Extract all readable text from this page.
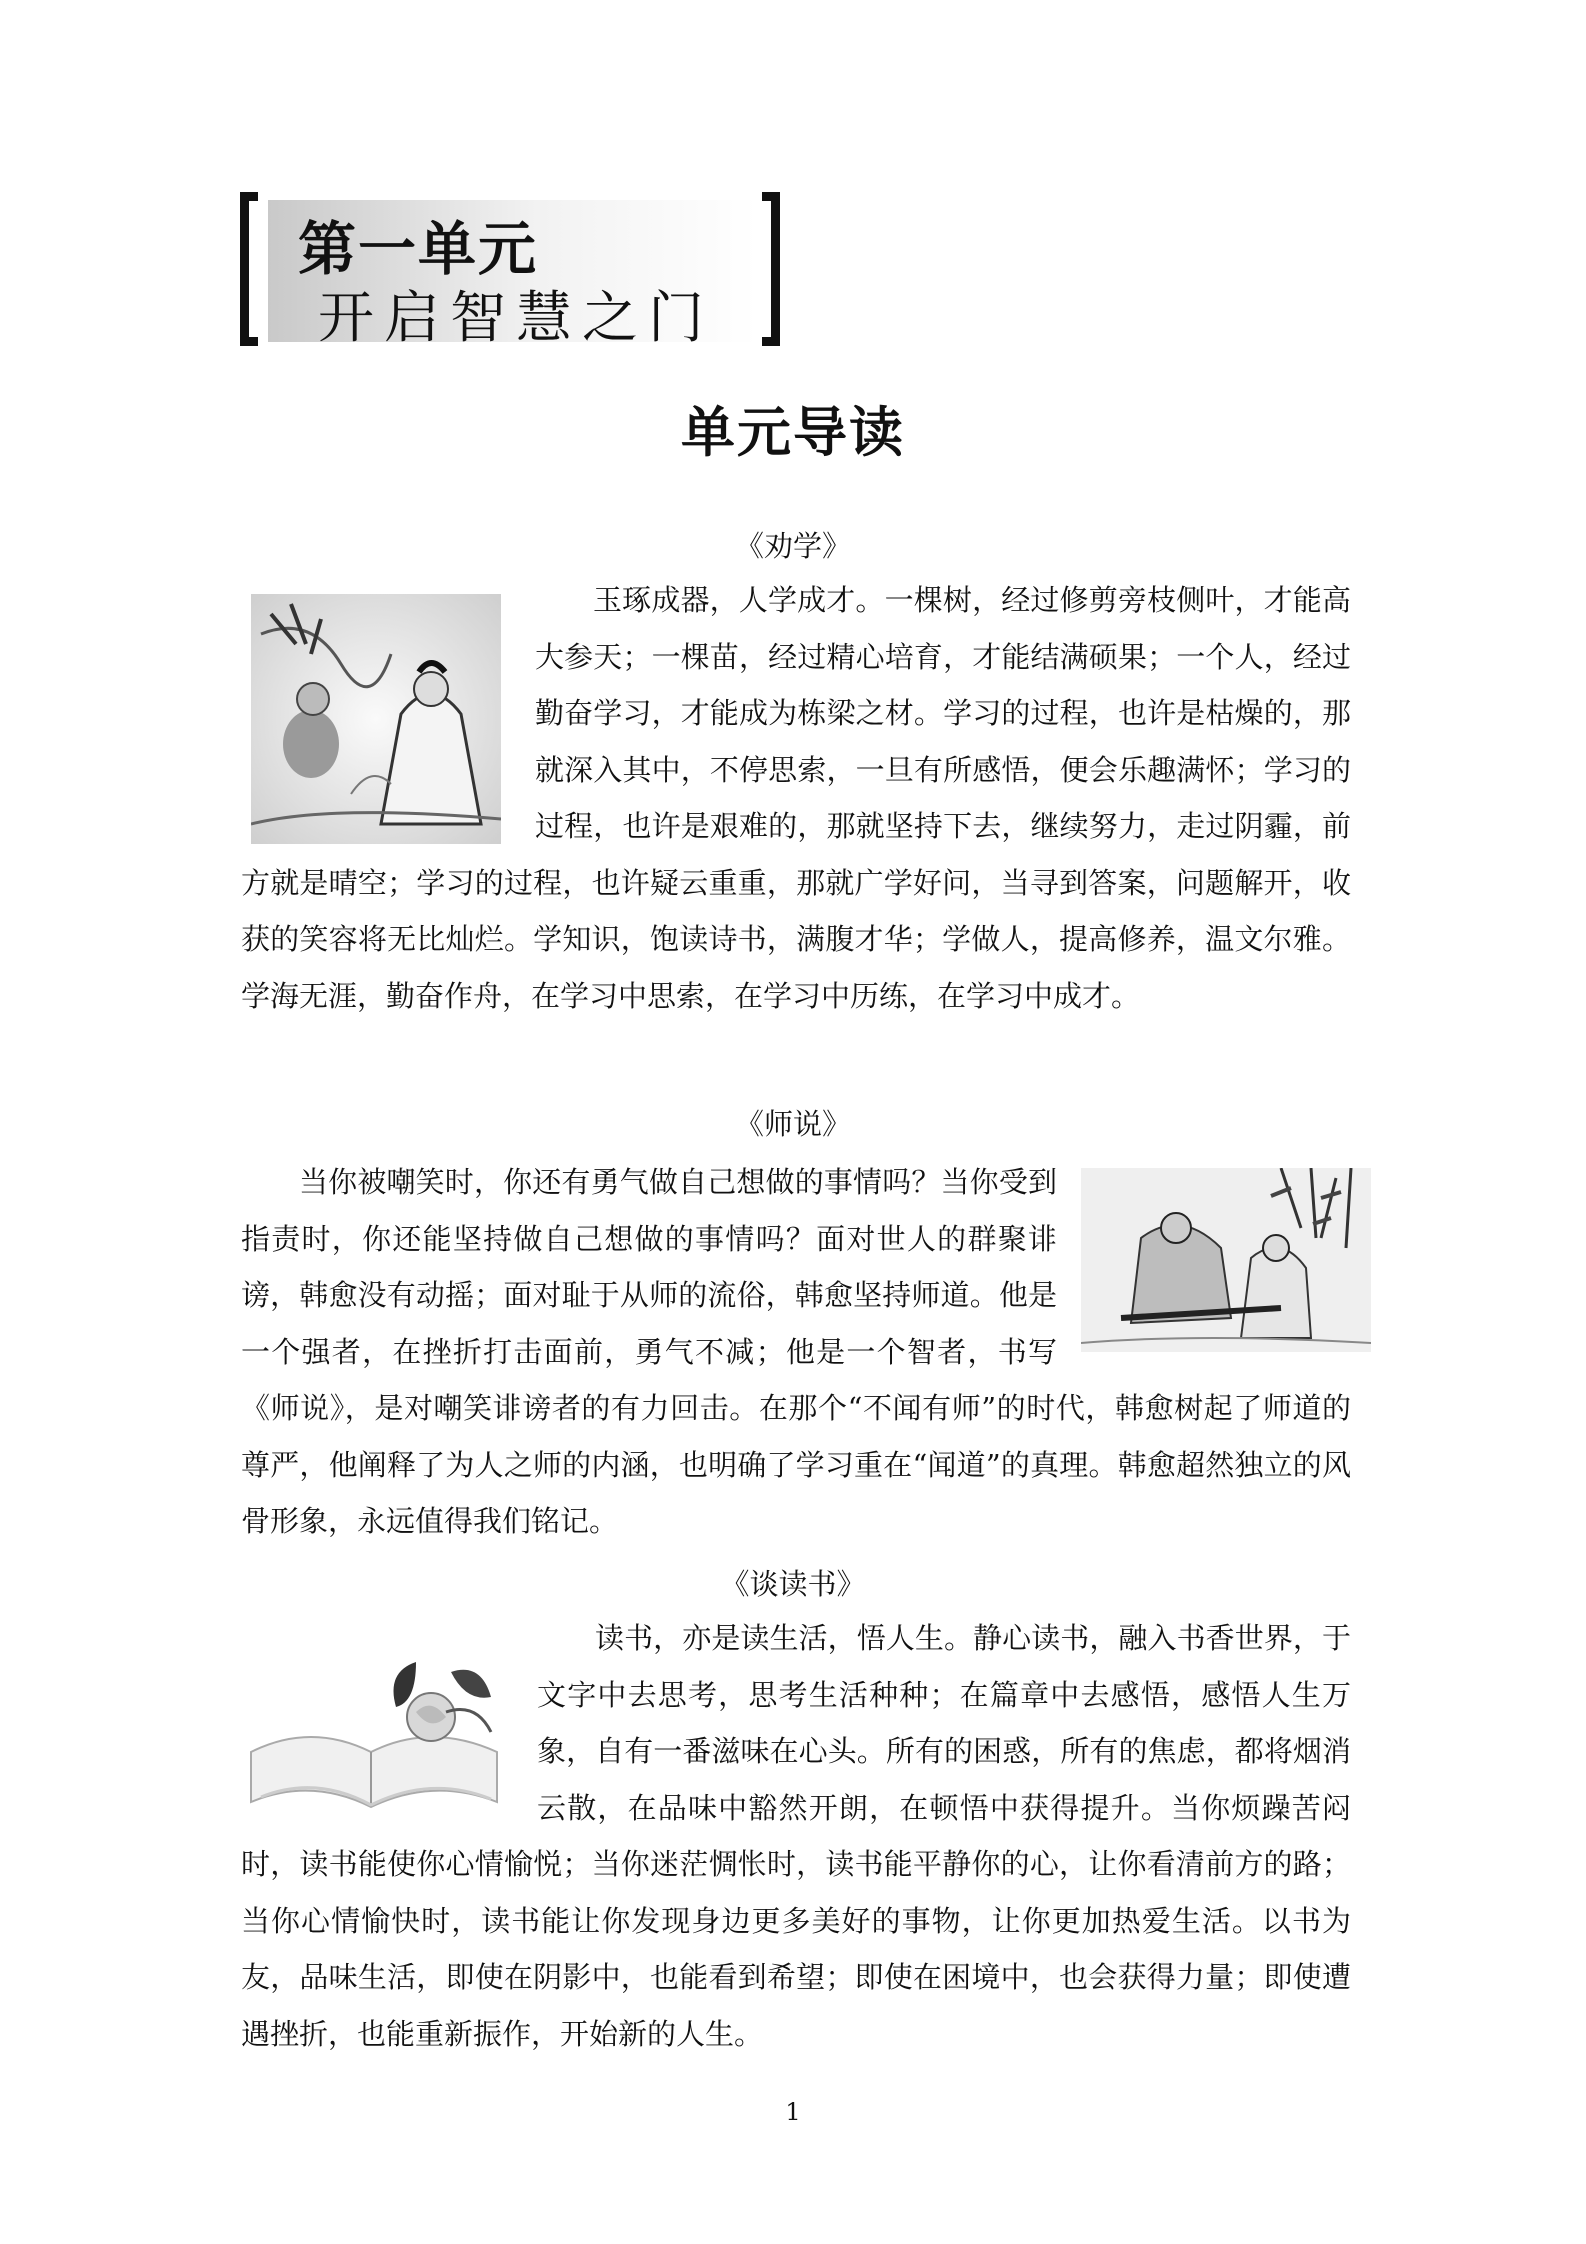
第一单元
开启智慧之门
单元导读
《劝学》

玉琢成器，人学成才。一棵树，经过修剪旁枝侧叶，才能高大参天；一棵苗，经过精心培育，才能结满硕果；一个人，经过勤奋学习，才能成为栋梁之材。学习的过程，也许是枯燥的，那就深入其中，不停思索，一旦有所感悟，便会乐趣满怀；学习的过程，也许是艰难的，那就坚持下去，继续努力，走过阴霾，前方就是晴空；学习的过程，也许疑云重重，那就广学好问，当寻到答案，问题解开，收获的笑容将无比灿烂。学知识，饱读诗书，满腹才华；学做人，提高修养，温文尔雅。学海无涯，勤奋作舟，在学习中思索，在学习中历练，在学习中成才。

《师说》

当你被嘲笑时，你还有勇气做自己想做的事情吗？当你受到指责时，你还能坚持做自己想做的事情吗？面对世人的群聚诽谤，韩愈没有动摇；面对耻于从师的流俗，韩愈坚持师道。他是一个强者，在挫折打击面前，勇气不减；他是一个智者，书写《师说》，是对嘲笑诽谤者的有力回击。在那个“不闻有师”的时代，韩愈树起了师道的尊严，他阐释了为人之师的内涵，也明确了学习重在“闻道”的真理。韩愈超然独立的风骨形象，永远值得我们铭记。

《谈读书》

读书，亦是读生活，悟人生。静心读书，融入书香世界，于文字中去思考，思考生活种种；在篇章中去感悟，感悟人生万象，自有一番滋味在心头。所有的困惑，所有的焦虑，都将烟消云散，在品味中豁然开朗，在顿悟中获得提升。当你烦躁苦闷时，读书能使你心情愉悦；当你迷茫惆怅时，读书能平静你的心，让你看清前方的路；当你心情愉快时，读书能让你发现身边更多美好的事物，让你更加热爱生活。以书为友，品味生活，即使在阴影中，也能看到希望；即使在困境中，也会获得力量；即使遭遇挫折，也能重新振作，开始新的人生。

1
